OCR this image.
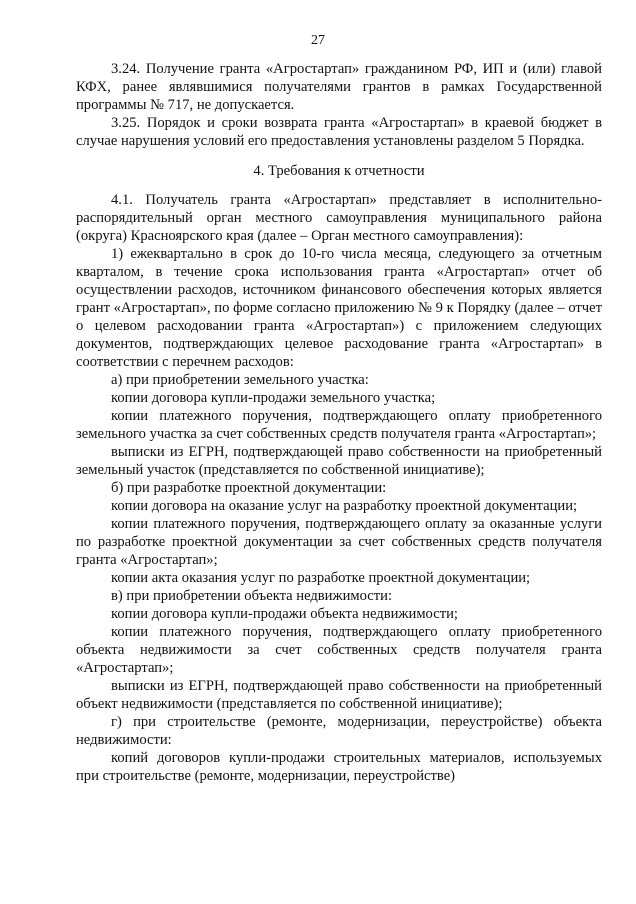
27

3.24. Получение гранта «Агростартап» гражданином РФ, ИП и (или) главой КФХ, ранее являвшимися получателями грантов в рамках Государственной программы № 717, не допускается.

3.25. Порядок и сроки возврата гранта «Агростартап» в краевой бюджет в случае нарушения условий его предоставления установлены разделом 5 Порядка.

4. Требования к отчетности

4.1. Получатель гранта «Агростартап» представляет в исполнительно-распорядительный орган местного самоуправления муниципального района (округа) Красноярского края (далее – Орган местного самоуправления):

1) ежеквартально в срок до 10-го числа месяца, следующего за отчетным кварталом, в течение срока использования гранта «Агростартап» отчет об осуществлении расходов, источником финансового обеспечения которых является грант «Агростартап», по форме согласно приложению № 9 к Порядку (далее – отчет о целевом расходовании гранта «Агростартап») с приложением следующих документов, подтверждающих целевое расходование гранта «Агростартап» в соответствии с перечнем расходов:

а) при приобретении земельного участка:

копии договора купли-продажи земельного участка;

копии платежного поручения, подтверждающего оплату приобретенного земельного участка за счет собственных средств получателя гранта «Агростартап»;

выписки из ЕГРН, подтверждающей право собственности на приобретенный земельный участок (представляется по собственной инициативе);

б) при разработке проектной документации:

копии договора на оказание услуг на разработку проектной документации;

копии платежного поручения, подтверждающего оплату за оказанные услуги по разработке проектной документации за счет собственных средств получателя гранта «Агростартап»;

копии акта оказания услуг по разработке проектной документации;

в) при приобретении объекта недвижимости:

копии договора купли-продажи объекта недвижимости;

копии платежного поручения, подтверждающего оплату приобретенного объекта недвижимости за счет собственных средств получателя гранта «Агростартап»;

выписки из ЕГРН, подтверждающей право собственности на приобретенный объект недвижимости (представляется по собственной инициативе);

г) при строительстве (ремонте, модернизации, переустройстве) объекта недвижимости:

копий договоров купли-продажи строительных материалов, используемых при строительстве (ремонте, модернизации, переустройстве)
